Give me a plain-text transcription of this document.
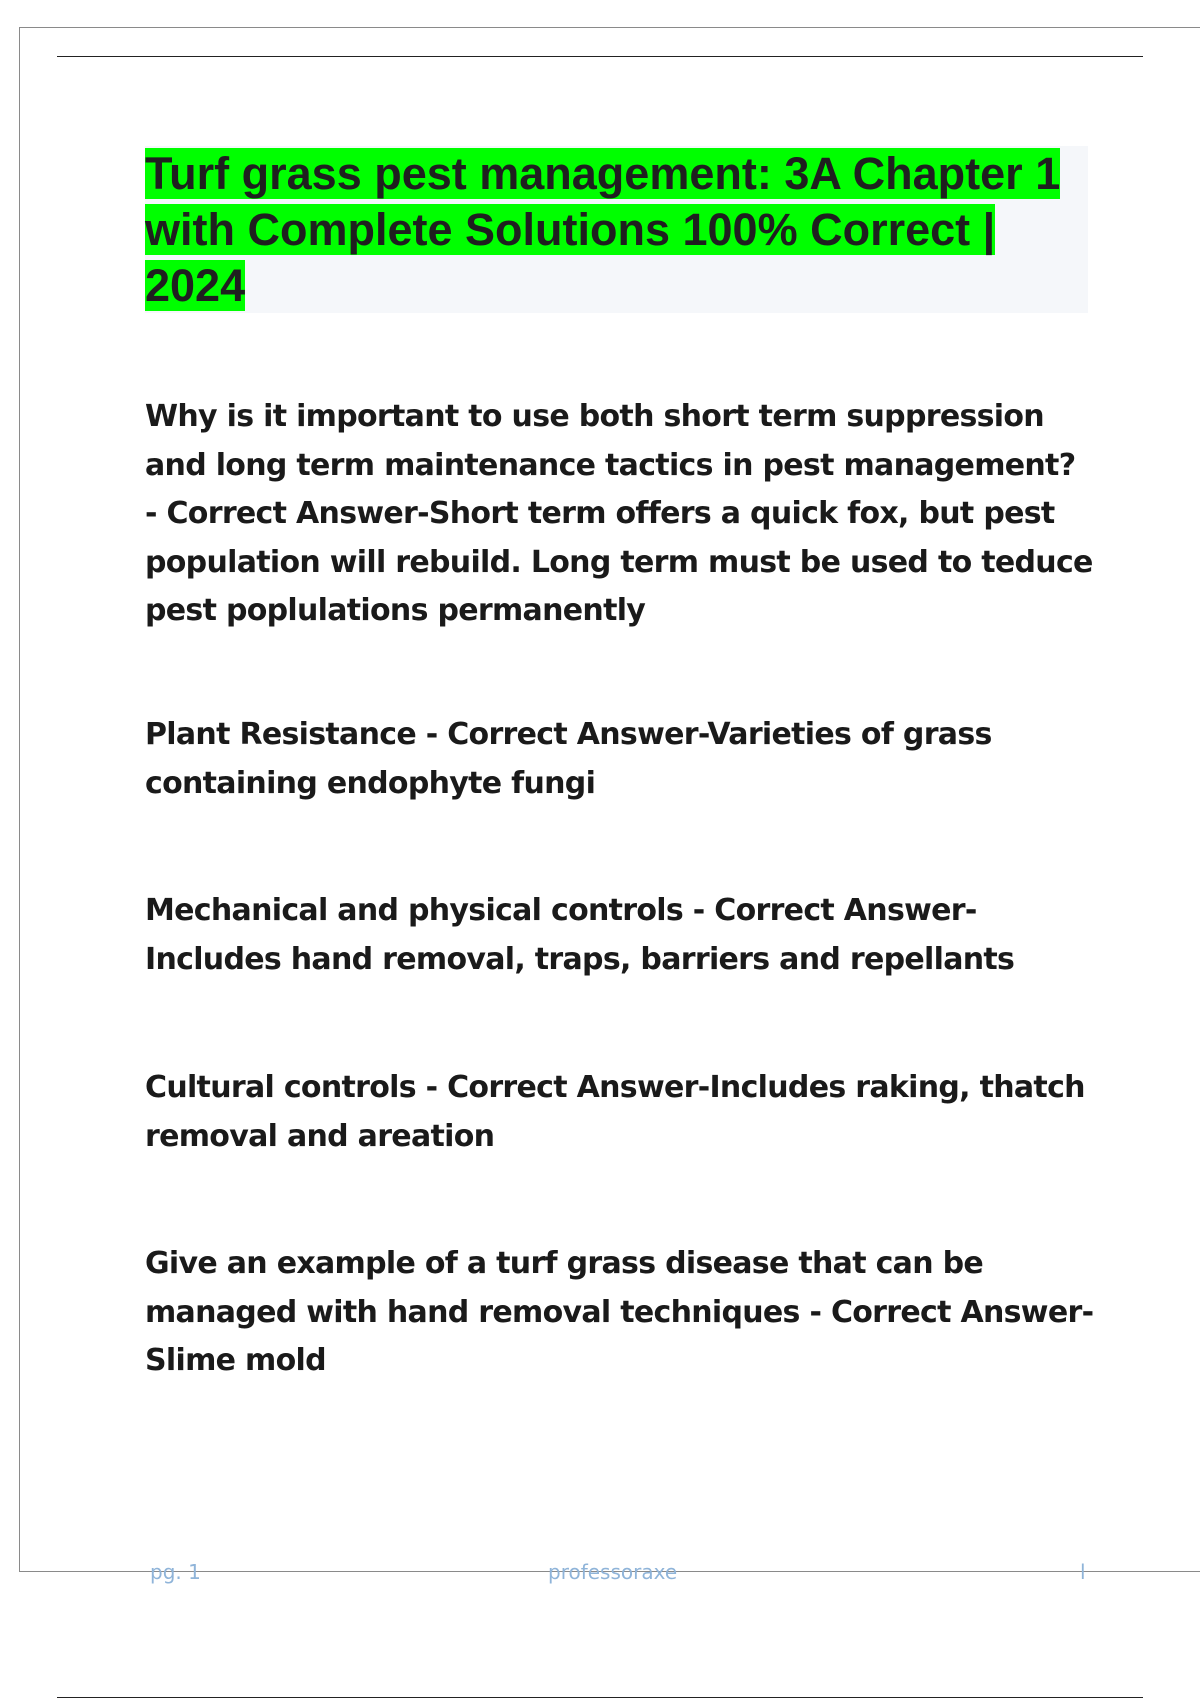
Turf grass pest management: 3A Chapter 1 with Complete Solutions 100% Correct | 2024

Why is it important to use both short term suppression and long term maintenance tactics in pest management? - Correct Answer-Short term offers a quick fox, but pest population will rebuild. Long term must be used to teduce pest poplulations permanently

Plant Resistance - Correct Answer-Varieties of grass containing endophyte fungi

Mechanical and physical controls - Correct Answer-Includes hand removal, traps, barriers and repellants

Cultural controls - Correct Answer-Includes raking, thatch removal and areation

Give an example of a turf grass disease that can be managed with hand removal techniques - Correct Answer-Slime mold

pg. 1	professoraxe	l
